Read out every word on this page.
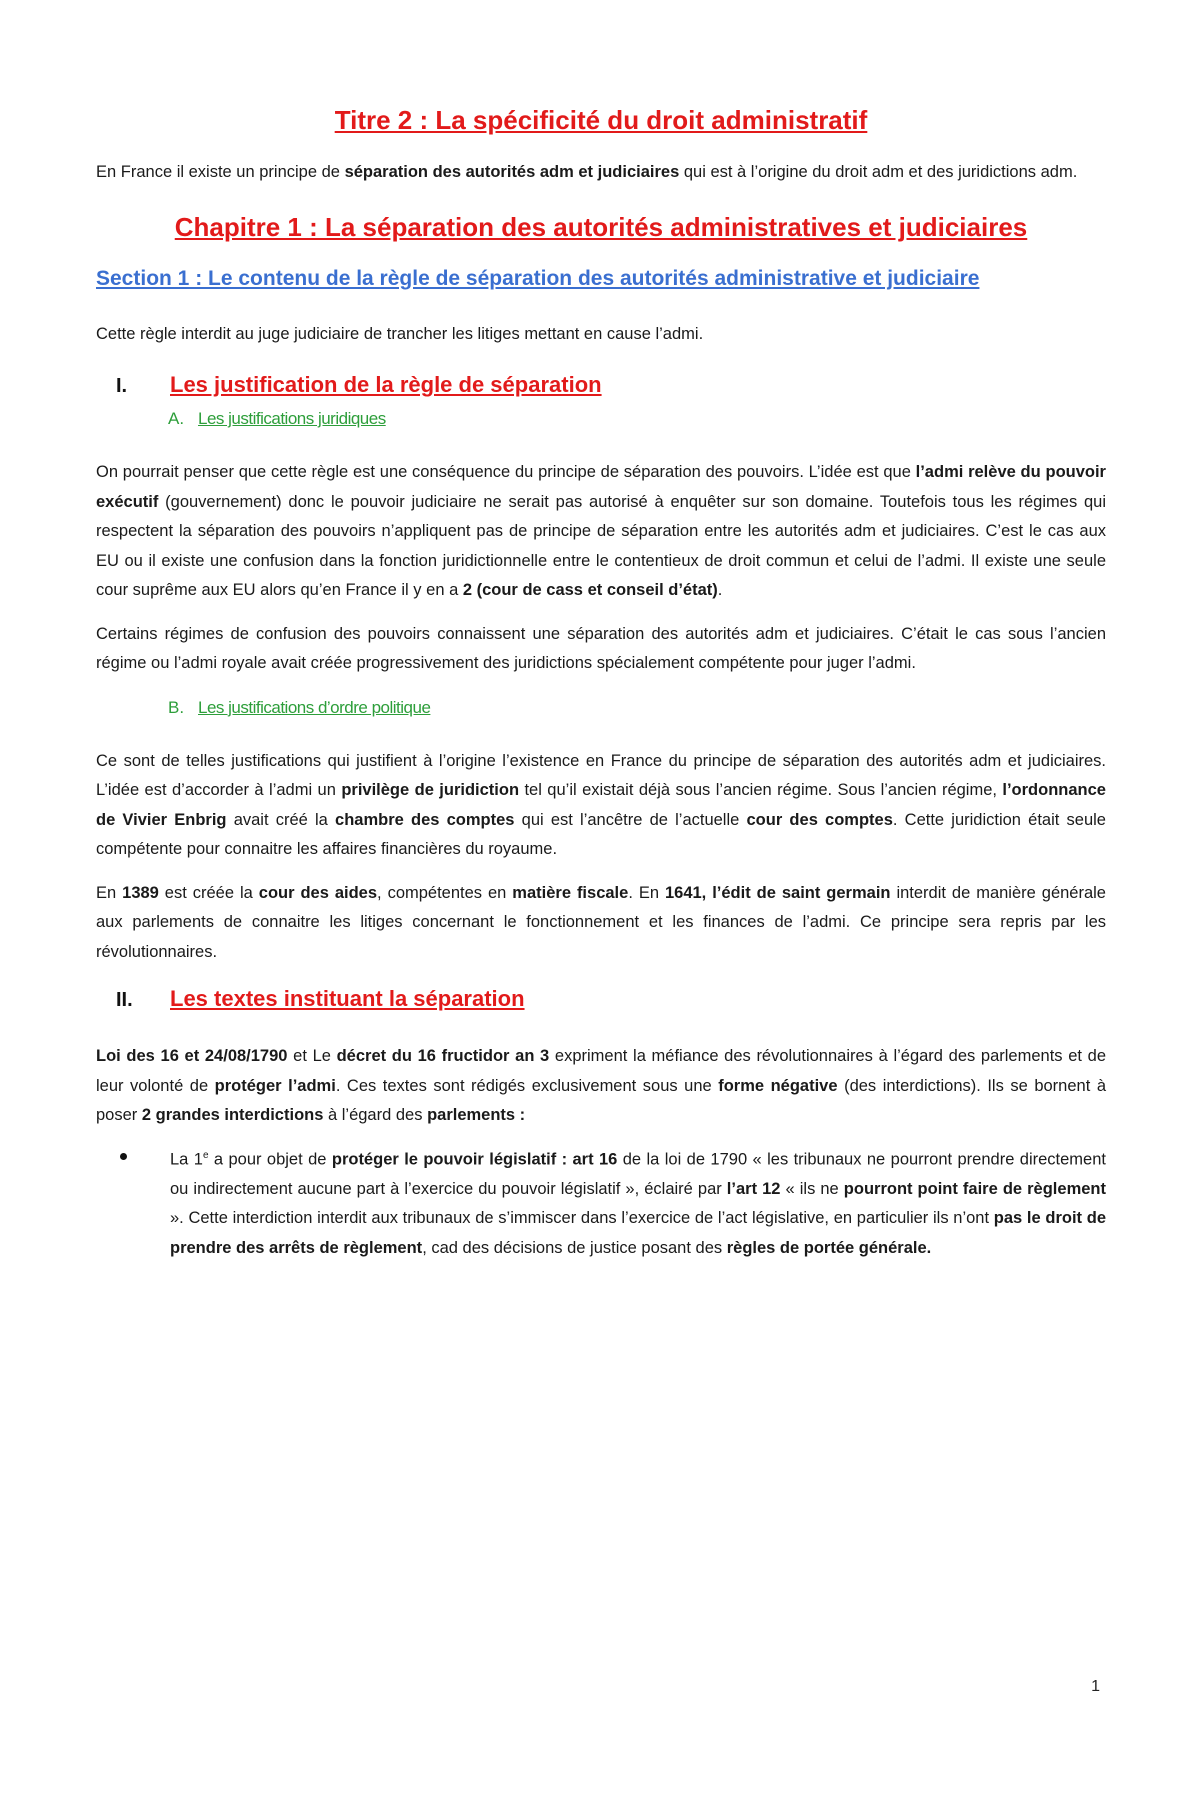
Titre 2 : La spécificité du droit administratif

En France il existe un principe de séparation des autorités adm et judiciaires qui est à l’origine du droit adm et des juridictions adm.

Chapitre 1 : La séparation des autorités administratives et judiciaires
Section 1 : Le contenu de la règle de séparation des autorités administrative et judiciaire

Cette règle interdit au juge judiciaire de trancher les litiges mettant en cause l’admi.

I.	Les justification de la règle de séparation
A. Les justifications juridiques

On pourrait penser que cette règle est une conséquence du principe de séparation des pouvoirs. L’idée est que l’admi relève du pouvoir exécutif (gouvernement) donc le pouvoir judiciaire ne serait pas autorisé à enquêter sur son domaine. Toutefois tous les régimes qui respectent la séparation des pouvoirs n’appliquent pas de principe de séparation entre les autorités adm et judiciaires. C’est le cas aux EU ou il existe une confusion dans la fonction juridictionnelle entre le contentieux de droit commun et celui de l’admi. Il existe une seule cour suprême aux EU alors qu’en France il y en a 2 (cour de cass et conseil d’état).

Certains régimes de confusion des pouvoirs connaissent une séparation des autorités adm et judiciaires. C’était le cas sous l’ancien régime ou l’admi royale avait créée progressivement des juridictions spécialement compétente pour juger l’admi.

B. Les justifications d’ordre politique

Ce sont de telles justifications qui justifient à l’origine l’existence en France du principe de séparation des autorités adm et judiciaires. L’idée est d’accorder à l’admi un privilège de juridiction tel qu’il existait déjà sous l’ancien régime. Sous l’ancien régime, l’ordonnance de Vivier Enbrig avait créé la chambre des comptes qui est l’ancêtre de l’actuelle cour des comptes. Cette juridiction était seule compétente pour connaitre les affaires financières du royaume.

En 1389 est créée la cour des aides, compétentes en matière fiscale. En 1641, l’édit de saint germain interdit de manière générale aux parlements de connaitre les litiges concernant le fonctionnement et les finances de l’admi. Ce principe sera repris par les révolutionnaires.

II.	Les textes instituant la séparation

Loi des 16 et 24/08/1790 et Le décret du 16 fructidor an 3 expriment la méfiance des révolutionnaires à l’égard des parlements et de leur volonté de protéger l’admi. Ces textes sont rédigés exclusivement sous une forme négative (des interdictions). Ils se bornent à poser 2 grandes interdictions à l’égard des parlements :

La 1e a pour objet de protéger le pouvoir législatif : art 16 de la loi de 1790 « les tribunaux ne pourront prendre directement ou indirectement aucune part à l’exercice du pouvoir législatif », éclairé par l’art 12 « ils ne pourront point faire de règlement ». Cette interdiction interdit aux tribunaux de s’immiscer dans l’exercice de l’act législative, en particulier ils n’ont pas le droit de prendre des arrêts de règlement, cad des décisions de justice posant des règles de portée générale.
1
